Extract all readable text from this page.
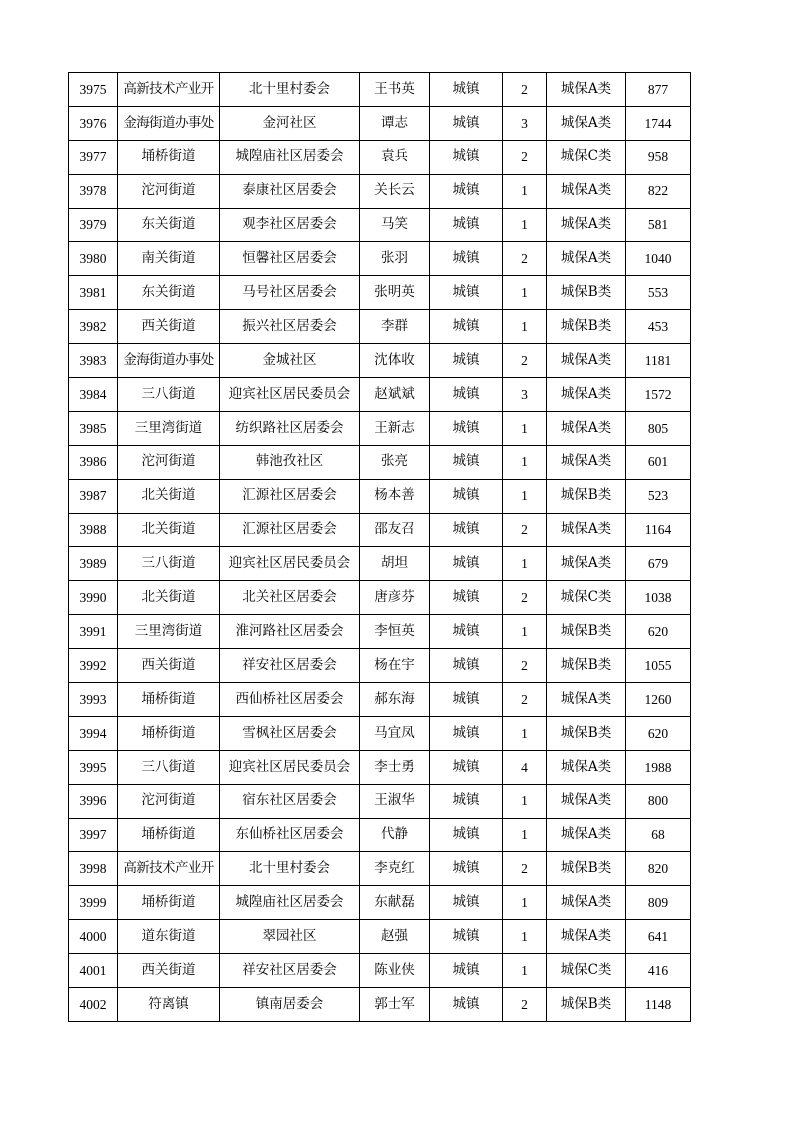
3975	高新技术产业开	北十里村委会	王书英	城镇	2	城保A类	877
3976	金海街道办事处	金河社区	谭志	城镇	3	城保A类	1744
3977	埇桥街道	城隍庙社区居委会	袁兵	城镇	2	城保C类	958
3978	沱河街道	泰康社区居委会	关长云	城镇	1	城保A类	822
3979	东关街道	观李社区居委会	马笑	城镇	1	城保A类	581
3980	南关街道	恒馨社区居委会	张羽	城镇	2	城保A类	1040
3981	东关街道	马号社区居委会	张明英	城镇	1	城保B类	553
3982	西关街道	振兴社区居委会	李群	城镇	1	城保B类	453
3983	金海街道办事处	金城社区	沈体收	城镇	2	城保A类	1181
3984	三八街道	迎宾社区居民委员会	赵斌斌	城镇	3	城保A类	1572
3985	三里湾街道	纺织路社区居委会	王新志	城镇	1	城保A类	805
3986	沱河街道	韩池孜社区	张亮	城镇	1	城保A类	601
3987	北关街道	汇源社区居委会	杨本善	城镇	1	城保B类	523
3988	北关街道	汇源社区居委会	邵友召	城镇	2	城保A类	1164
3989	三八街道	迎宾社区居民委员会	胡坦	城镇	1	城保A类	679
3990	北关街道	北关社区居委会	唐彦芬	城镇	2	城保C类	1038
3991	三里湾街道	淮河路社区居委会	李恒英	城镇	1	城保B类	620
3992	西关街道	祥安社区居委会	杨在宇	城镇	2	城保B类	1055
3993	埇桥街道	西仙桥社区居委会	郝东海	城镇	2	城保A类	1260
3994	埇桥街道	雪枫社区居委会	马宜凤	城镇	1	城保B类	620
3995	三八街道	迎宾社区居民委员会	李士勇	城镇	4	城保A类	1988
3996	沱河街道	宿东社区居委会	王淑华	城镇	1	城保A类	800
3997	埇桥街道	东仙桥社区居委会	代静	城镇	1	城保A类	68
3998	高新技术产业开	北十里村委会	李克红	城镇	2	城保B类	820
3999	埇桥街道	城隍庙社区居委会	东献磊	城镇	1	城保A类	809
4000	道东街道	翠园社区	赵强	城镇	1	城保A类	641
4001	西关街道	祥安社区居委会	陈业侠	城镇	1	城保C类	416
4002	符离镇	镇南居委会	郭士军	城镇	2	城保B类	1148
